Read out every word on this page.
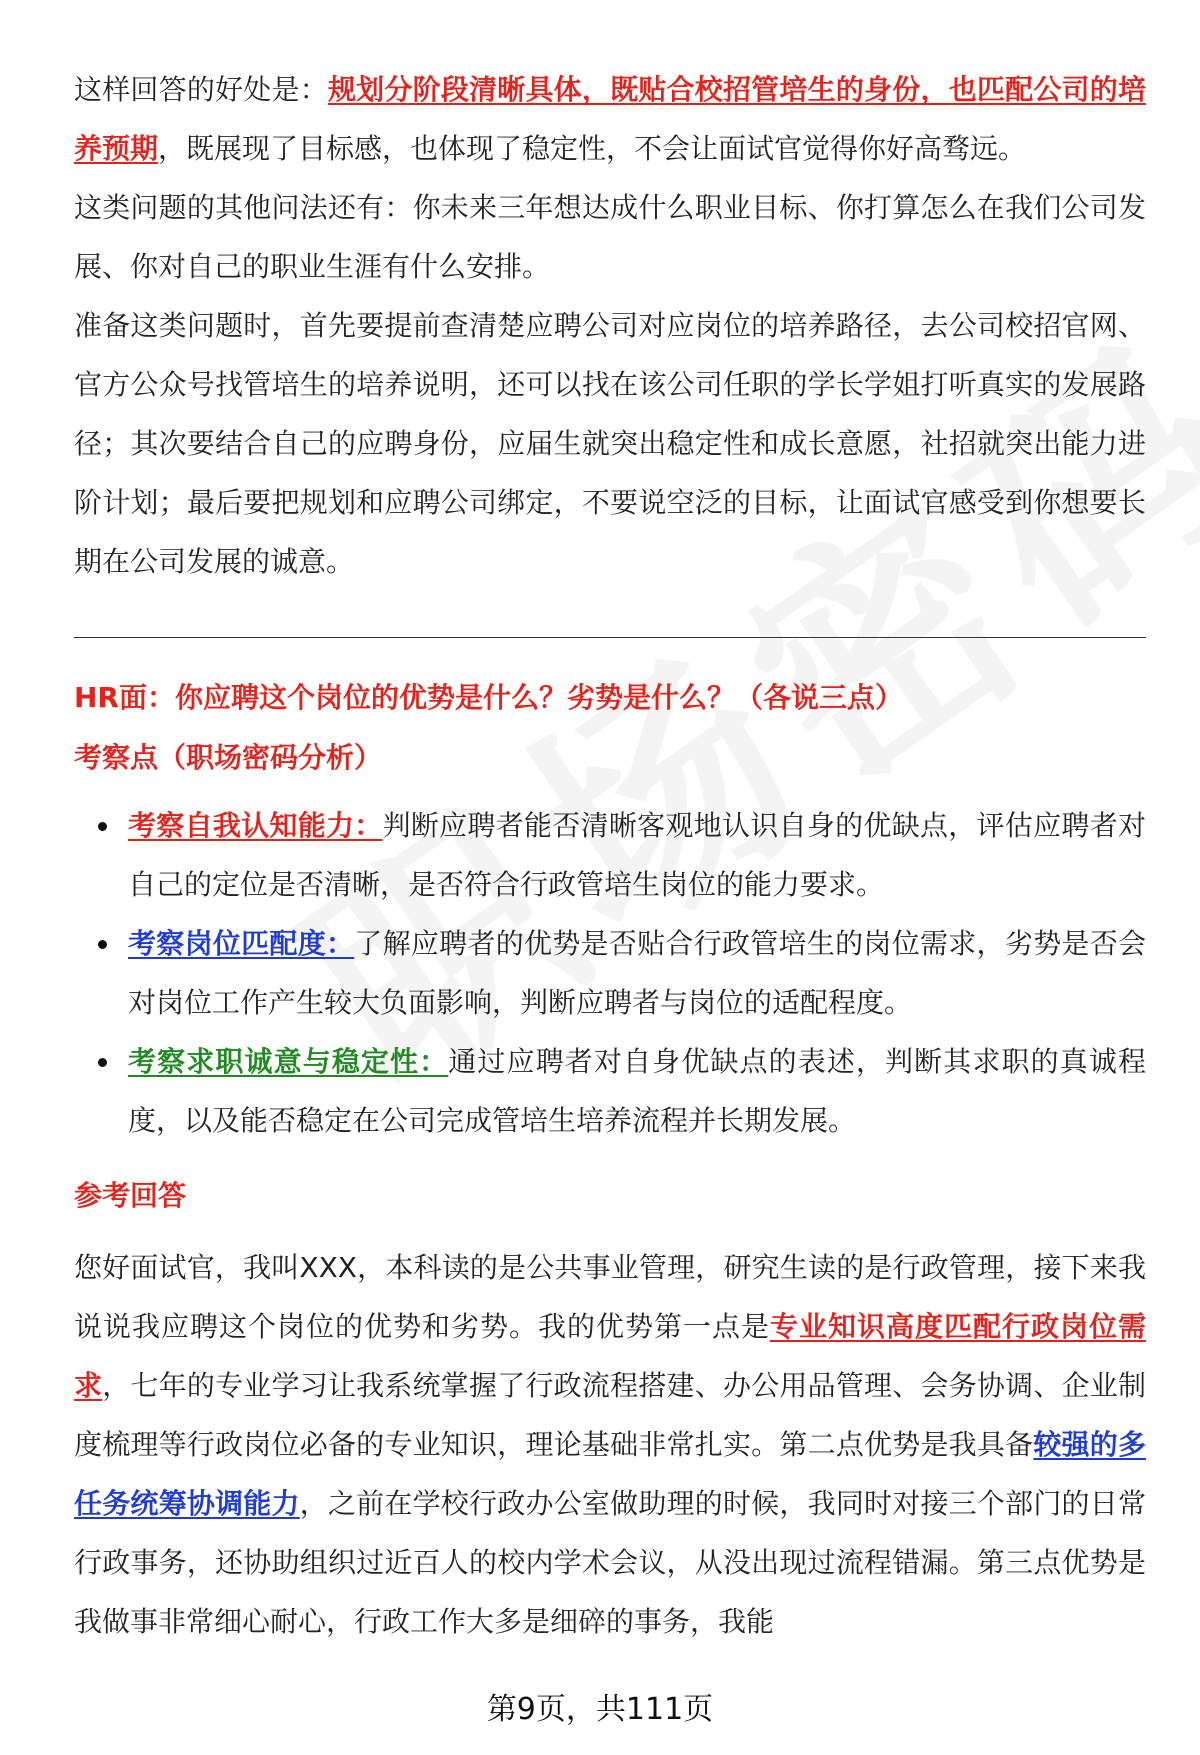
这样回答的好处是：规划分阶段清晰具体，既贴合校招管培生的身份，也匹配公司的培养预期，既展现了目标感，也体现了稳定性，不会让面试官觉得你好高骛远。

这类问题的其他问法还有：你未来三年想达成什么职业目标、你打算怎么在我们公司发展、你对自己的职业生涯有什么安排。

准备这类问题时，首先要提前查清楚应聘公司对应岗位的培养路径，去公司校招官网、官方公众号找管培生的培养说明，还可以找在该公司任职的学长学姐打听真实的发展路径；其次要结合自己的应聘身份，应届生就突出稳定性和成长意愿，社招就突出能力进阶计划；最后要把规划和应聘公司绑定，不要说空泛的目标，让面试官感受到你想要长期在公司发展的诚意。

HR面：你应聘这个岗位的优势是什么？劣势是什么？（各说三点）

考察点（职场密码分析）

考察自我认知能力：判断应聘者能否清晰客观地认识自身的优缺点，评估应聘者对自己的定位是否清晰，是否符合行政管培生岗位的能力要求。
考察岗位匹配度：了解应聘者的优势是否贴合行政管培生的岗位需求，劣势是否会对岗位工作产生较大负面影响，判断应聘者与岗位的适配程度。
考察求职诚意与稳定性：通过应聘者对自身优缺点的表述，判断其求职的真诚程度，以及能否稳定在公司完成管培生培养流程并长期发展。

参考回答

您好面试官，我叫XXX，本科读的是公共事业管理，研究生读的是行政管理，接下来我说说我应聘这个岗位的优势和劣势。我的优势第一点是专业知识高度匹配行政岗位需求，七年的专业学习让我系统掌握了行政流程搭建、办公用品管理、会务协调、企业制度梳理等行政岗位必备的专业知识，理论基础非常扎实。第二点优势是我具备较强的多任务统筹协调能力，之前在学校行政办公室做助理的时候，我同时对接三个部门的日常行政事务，还协助组织过近百人的校内学术会议，从没出现过流程错漏。第三点优势是我做事非常细心耐心，行政工作大多是细碎的事务，我能

第9页，共111页
